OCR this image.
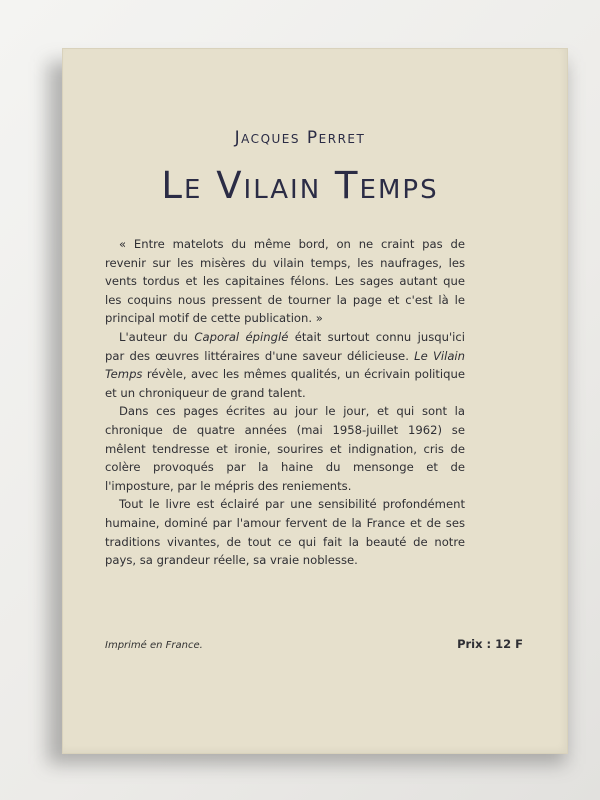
Jacques Perret
Le Vilain Temps

« Entre matelots du même bord, on ne craint pas de revenir sur les misères du vilain temps, les naufrages, les vents tordus et les capitaines félons. Les sages autant que les coquins nous pressent de tourner la page et c'est là le principal motif de cette publication. »

L'auteur du Caporal épinglé était surtout connu jusqu'ici par des œuvres littéraires d'une saveur délicieuse. Le Vilain Temps révèle, avec les mêmes qualités, un écrivain politique et un chroniqueur de grand talent.

Dans ces pages écrites au jour le jour, et qui sont la chronique de quatre années (mai 1958-juillet 1962) se mêlent tendresse et ironie, sourires et indignation, cris de colère provoqués par la haine du mensonge et de l'imposture, par le mépris des reniements.

Tout le livre est éclairé par une sensibilité profondément humaine, dominé par l'amour fervent de la France et de ses traditions vivantes, de tout ce qui fait la beauté de notre pays, sa grandeur réelle, sa vraie noblesse.

Imprimé en France.	Prix : 12 F
